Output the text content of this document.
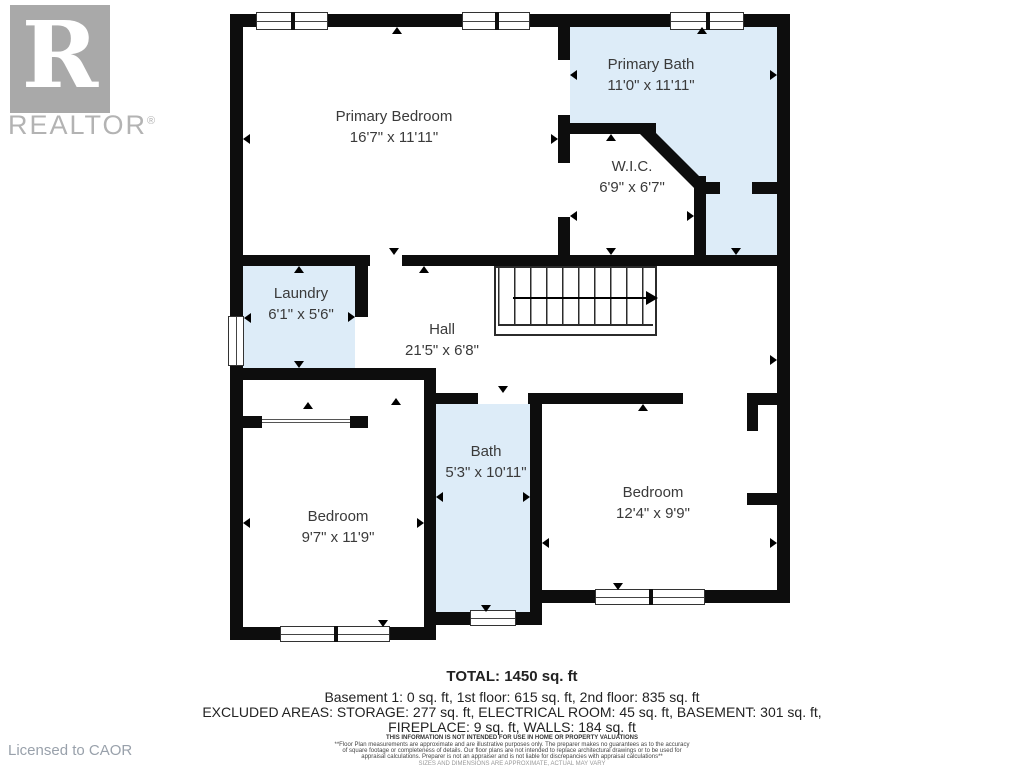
R
REALTOR®
Licensed to CAOR
Primary Bedroom
16'7" x 11'11"
Primary Bath
11'0" x 11'11"
W.I.C.
6'9" x 6'7"
Laundry
6'1" x 5'6"
Hall
21'5" x 6'8"
Bath
5'3" x 10'11"
Bedroom
9'7" x 11'9"
Bedroom
12'4" x 9'9"
TOTAL: 1450 sq. ft
Basement 1: 0 sq. ft, 1st floor: 615 sq. ft, 2nd floor: 835 sq. ft
EXCLUDED AREAS: STORAGE: 277 sq. ft, ELECTRICAL ROOM: 45 sq. ft, BASEMENT: 301 sq. ft,
FIREPLACE: 9 sq. ft, WALLS: 184 sq. ft
THIS INFORMATION IS NOT INTENDED FOR USE IN HOME OR PROPERTY VALUATIONS
**Floor Plan measurements are approximate and are illustrative purposes only. The preparer makes no guarantees as to the accuracy
of square footage or completeness of details. Our floor plans are not intended to replace architectural drawings or to be used for
appraisal calculations. Preparer is not an appraiser and is not liable for discrepancies with appraisal calculations**
SIZES AND DIMENSIONS ARE APPROXIMATE, ACTUAL MAY VARY
